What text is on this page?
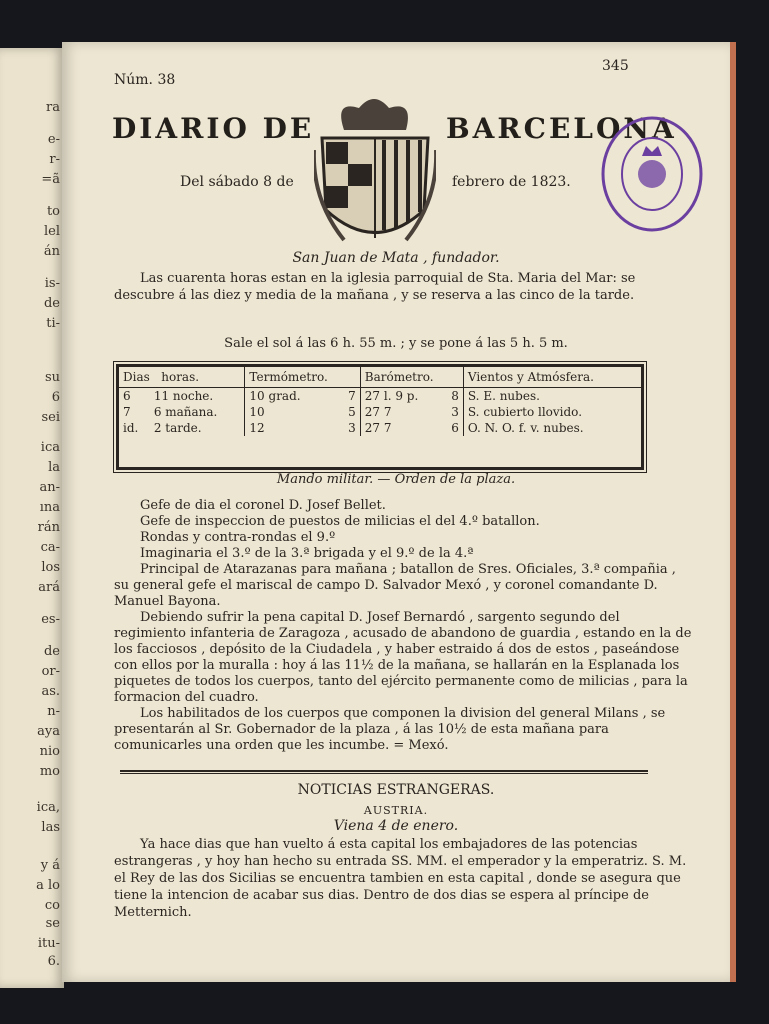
ra
e-
r-
=ã
to
lel
án
is-
de
ti-
su
6
sei
ica
la
an-
ına
rán
ca-
los
ará
es-
de
or-
as.
n-
aya
nio
mo
ica,
las
y á
a lo
co
se
itu-
6.
Núm. 38
345
DIARIO DE	BARCELONA
Del sábado 8 de	febrero de 1823.
San Juan de Mata , fundador.

Las cuarenta horas estan en la iglesia parroquial de Sta. Maria del Mar: se descubre á las diez y media de la mañana , y se reserva a las cinco de la tarde.

Sale el sol á las 6 h. 55 m. ; y se pone á las 5 h. 5 m.
Dias horas.		Termómetro.		Barómetro.		Vientos y Atmósfera.
6	11 noche.	10 grad.	7	27 l. 9 p.	8	S. E. nubes.
7	6 mañana.	10	5	27 7	3	S. cubierto llovido.
id.	2 tarde.	12	3	27 7	6	O. N. O. f. v. nubes.
Mando militar. — Orden de la plaza.

Gefe de dia el coronel D. Josef Bellet.

Gefe de inspeccion de puestos de milicias el del 4.º batallon.

Rondas y contra-rondas el 9.º

Imaginaria el 3.º de la 3.ª brigada y el 9.º de la 4.ª

Principal de Atarazanas para mañana ; batallon de Sres. Oficiales, 3.ª compañia , su general gefe el mariscal de campo D. Salvador Mexó , y coronel comandante D. Manuel Bayona.

Debiendo sufrir la pena capital D. Josef Bernardó , sargento segundo del regimiento infanteria de Zaragoza , acusado de abandono de guardia , estando en la de los facciosos , depósito de la Ciudadela , y haber estraido á dos de estos , paseándose con ellos por la muralla : hoy á las 11½ de la mañana, se hallarán en la Esplanada los piquetes de todos los cuerpos, tanto del ejército permanente como de milicias , para la formacion del cuadro.

Los habilitados de los cuerpos que componen la division del general Milans , se presentarán al Sr. Gobernador de la plaza , á las 10½ de esta mañana para comunicarles una orden que les incumbe. = Mexó.

NOTICIAS ESTRANGERAS.
AUSTRIA.
Viena 4 de enero.

Ya hace dias que han vuelto á esta capital los embajadores de las potencias estrangeras , y hoy han hecho su entrada SS. MM. el emperador y la emperatriz. S. M. el Rey de las dos Sicilias se encuentra tambien en esta capital , donde se asegura que tiene la intencion de acabar sus dias. Dentro de dos dias se espera al príncipe de Metternich.
